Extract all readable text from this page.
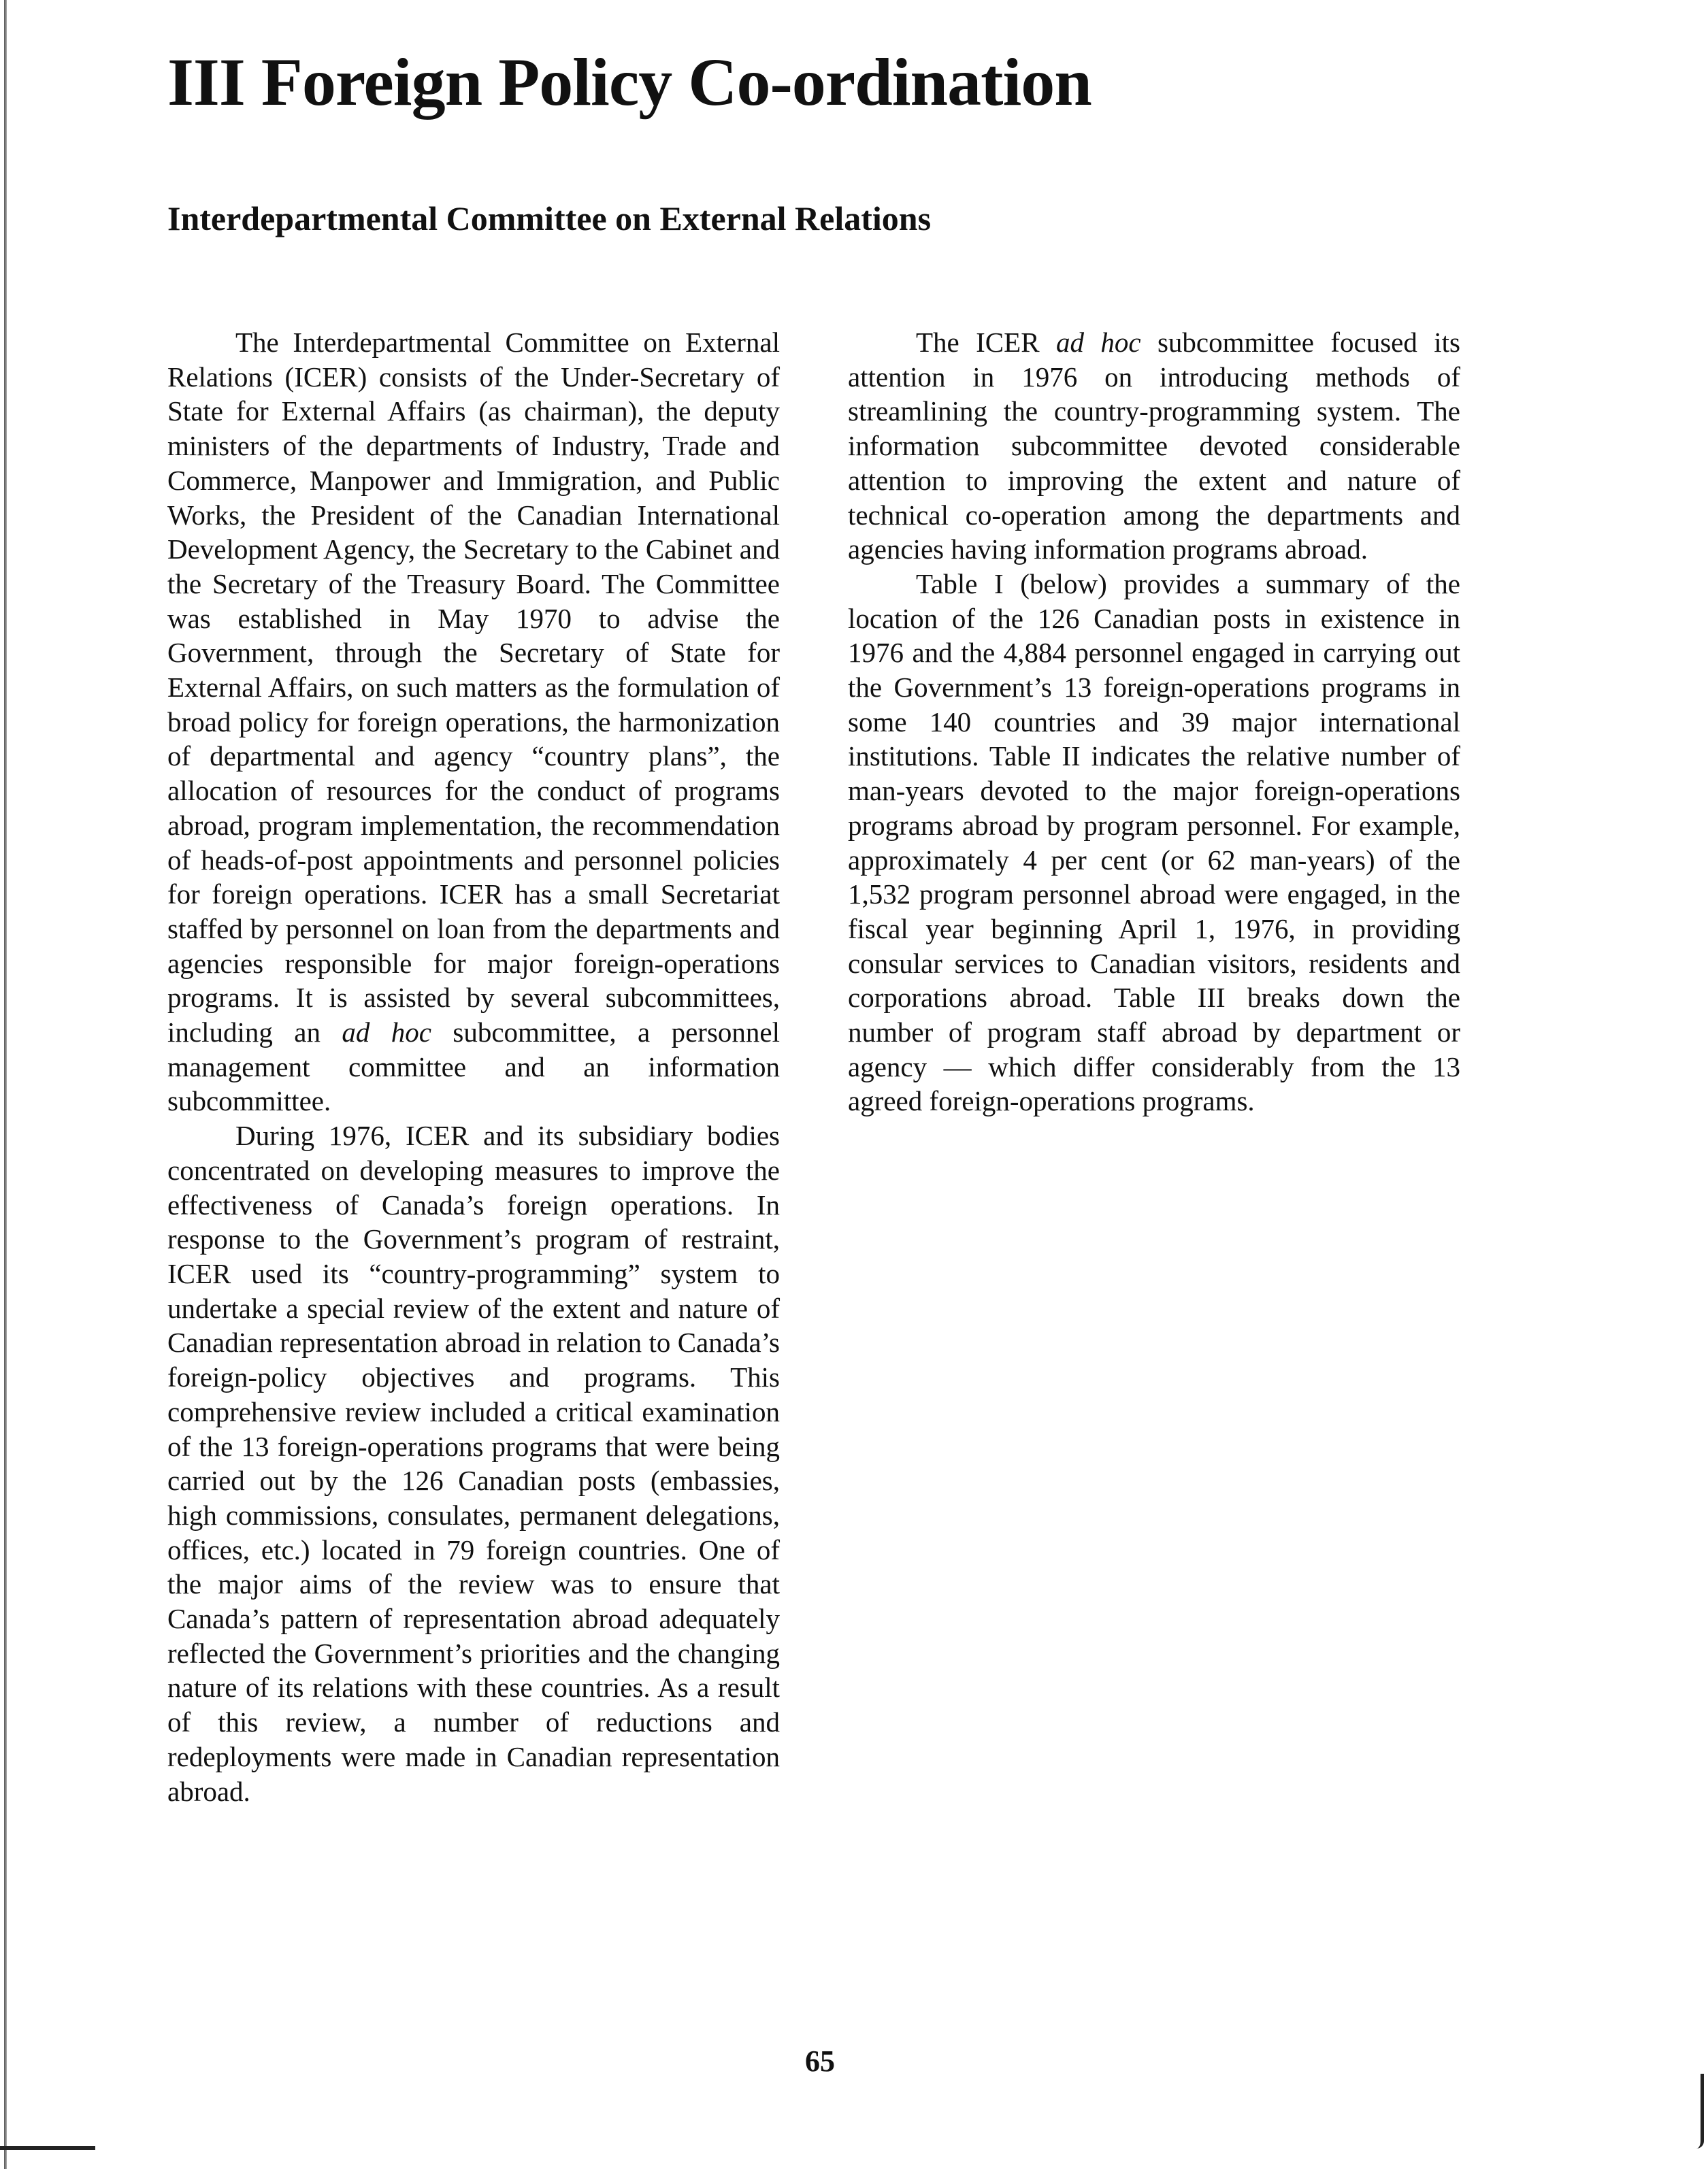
III Foreign Policy Co-ordination
Interdepartmental Committee on External Relations

The Interdepartmental Committee on External Relations (ICER) consists of the Under-Secretary of State for External Affairs (as chairman), the deputy ministers of the departments of Industry, Trade and Commerce, Manpower and Immigration, and Public Works, the President of the Canadian International Development Agency, the Secretary to the Cabinet and the Secretary of the Treasury Board. The Committee was established in May 1970 to advise the Government, through the Secretary of State for External Affairs, on such matters as the formulation of broad policy for foreign operations, the harmonization of departmental and agency “country plans”, the allocation of resources for the conduct of programs abroad, program implementation, the recommendation of heads-of-post appointments and personnel policies for foreign operations. ICER has a small Secretariat staffed by personnel on loan from the departments and agencies responsible for major foreign-operations programs. It is assisted by several subcommittees, including an ad hoc subcommittee, a personnel management committee and an information subcommittee.

During 1976, ICER and its subsidiary bodies concentrated on developing measures to improve the effectiveness of Canada’s foreign operations. In response to the Government’s program of restraint, ICER used its “country-programming” system to undertake a special review of the extent and nature of Canadian representation abroad in relation to Canada’s foreign-policy objectives and programs. This comprehensive review included a critical examination of the 13 foreign-operations programs that were being carried out by the 126 Canadian posts (embassies, high commissions, consulates, permanent delegations, offices, etc.) located in 79 foreign countries. One of the major aims of the review was to ensure that Canada’s pattern of representation abroad adequately reflected the Government’s priorities and the changing nature of its relations with these countries. As a result of this review, a number of reductions and redeployments were made in Canadian representation abroad.

The ICER ad hoc subcommittee focused its attention in 1976 on introducing methods of streamlining the country-programming system. The information subcommittee devoted considerable attention to improving the extent and nature of technical co-operation among the departments and agencies having information programs abroad.

Table I (below) provides a summary of the location of the 126 Canadian posts in existence in 1976 and the 4,884 personnel engaged in carrying out the Government’s 13 foreign-operations programs in some 140 countries and 39 major international institutions. Table II indicates the relative number of man-years devoted to the major foreign-operations programs abroad by program personnel. For example, approximately 4 per cent (or 62 man-years) of the 1,532 program personnel abroad were engaged, in the fiscal year beginning April 1, 1976, in providing consular services to Canadian visitors, residents and corporations abroad. Table III breaks down the number of program staff abroad by department or agency — which differ considerably from the 13 agreed foreign-operations programs.

65
